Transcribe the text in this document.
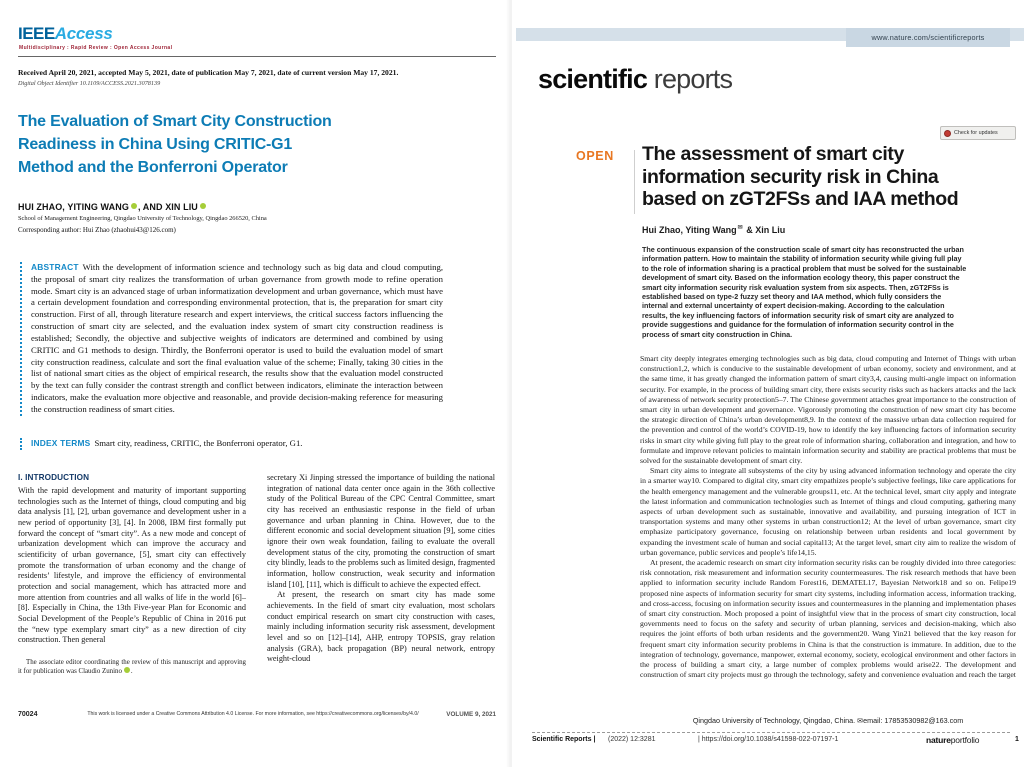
IEEEAccess
Multidisciplinary : Rapid Review : Open Access Journal
Received April 20, 2021, accepted May 5, 2021, date of publication May 7, 2021, date of current version May 17, 2021.
Digital Object Identifier 10.1109/ACCESS.2021.3078139
The Evaluation of Smart City Construction
Readiness in China Using CRITIC-G1
Method and the Bonferroni Operator
HUI ZHAO, YITING WANG , AND XIN LIU
School of Management Engineering, Qingdao University of Technology, Qingdao 266520, China
Corresponding author: Hui Zhao (zhaohui43@126.com)
ABSTRACT With the development of information science and technology such as big data and cloud computing, the proposal of smart city realizes the transformation of urban governance from growth mode to refine operation mode. Smart city is an advanced stage of urban informatization development and urban governance, which must have a certain development foundation and corresponding environmental protection, that is, the preparation for smart city construction. First of all, through literature research and expert interviews, the critical success factors influencing the construction of smart city are selected, and the evaluation index system of smart city construction readiness is established; Secondly, the objective and subjective weights of indicators are determined and combined by using CRITIC and G1 methods to design. Thirdly, the Bonferroni operator is used to build the evaluation model of smart city construction readiness, calculate and sort the final evaluation value of the scheme; Finally, taking 30 cities in the list of national smart cities as the object of empirical research, the results show that the evaluation model constructed by the text can fully consider the contrast strength and conflict between indicators, eliminate the interaction between indicators, make the evaluation more objective and reasonable, and provide decision-making reference for measuring the construction readiness of smart cities.
INDEX TERMS Smart city, readiness, CRITIC, the Bonferroni operator, G1.
I. INTRODUCTION

With the rapid development and maturity of important supporting technologies such as the Internet of things, cloud computing and big data analysis [1], [2], urban governance and development usher in a new period of opportunity [3], [4]. In 2008, IBM first formally put forward the concept of “smart city”. As a new mode and concept of urbanization development which can improve the accuracy and scientificity of urban governance, [5], smart city can effectively promote the transformation of urban economy and the change of residents’ lifestyle, and improve the efficiency of environmental protection and social management, which has attracted more and more attention from countries and all walks of life in the world [6]–[8]. Especially in China, the 13th Five-year Plan for Economic and Social Development of the People’s Republic of China in 2016 put the “new type exemplary smart city” as a new direction of city construction. Then general

The associate editor coordinating the review of this manuscript and approving it for publication was Claudio Zunino .

secretary Xi Jinping stressed the importance of building the national integration of national data center once again in the 36th collective study of the Political Bureau of the CPC Central Committee, smart city has received an enthusiastic response in the field of urban governance and urban planning in China. However, due to the different economic and social development situation [9], some cities ignore their own weak foundation, failing to evaluate the overall development status of the city, promoting the construction of smart city blindly, leads to the problems such as limited design, fragmented information, hollow construction, weak security and information island [10], [11], which is difficult to achieve the expected effect.

At present, the research on smart city has made some achievements. In the field of smart city evaluation, most scholars conduct empirical research on smart city construction with cases, mainly including information security risk assessment, development level and so on [12]–[14], AHP, entropy TOPSIS, gray relation analysis (GRA), back propagation (BP) neural network, entropy weight-cloud

70024	This work is licensed under a Creative Commons Attribution 4.0 License. For more information, see https://creativecommons.org/licenses/by/4.0/	VOLUME 9, 2021
www.nature.com/scientificreports
scientific reports
Check for updates
OPEN The assessment of smart city
information security risk in China
based on zGT2FSs and IAA method
Hui Zhao, Yiting Wang✉ & Xin Liu
The continuous expansion of the construction scale of smart city has reconstructed the urban information pattern. How to maintain the stability of information security while giving full play to the role of information sharing is a practical problem that must be solved for the sustainable development of smart city. Based on the information ecology theory, this paper construct the smart city information security risk evaluation system from six aspects. Then, zGT2FSs is established based on type-2 fuzzy set theory and IAA method, which fully considers the internal and external uncertainty of expert decision-making. According to the calculation results, the key influencing factors of information security risk of smart city are analyzed to provide suggestions and guidance for the formulation of information security control in the process of smart city construction in China.

Smart city deeply integrates emerging technologies such as big data, cloud computing and Internet of Things with urban construction1,2, which is conducive to the sustainable development of urban economy, society and environment, and at the same time, it has greatly changed the information pattern of smart city3,4, causing multi-angle impact on information security. For example, in the process of building smart city, there exists security risks such as hackers attacks and the lack of awareness of network security protection5–7. The Chinese government attaches great importance to the construction of smart city in urban development and governance. Vigorously promoting the construction of new smart city has become the strategic direction of China’s urban development8,9. In the context of the massive urban data collection required for the prevention and control of the world’s COVID-19, how to identify the key influencing factors of information security risks in smart city while giving full play to the great role of information sharing, collaboration and integration, and how to formulate and improve relevant policies to maintain information security and stability are practical problems that must be solved for the sustainable development of smart city.

Smart city aims to integrate all subsystems of the city by using advanced information technology and operate the city in a smarter way10. Compared to digital city, smart city empathizes people’s subjective feelings, like care applications for the health emergency management and the vulnerable groups11, etc. At the technical level, smart city apply and integrate the latest information and communication technologies such as Internet of things and cloud computing, gathering many aspects of urban development such as sustainable, innovative and availability, and pursuing integration of ICT in transportation systems and many other systems in urban construction12; At the level of urban governance, smart city emphasize participatory governance, focusing on relationship between urban residents and local government by expanding the investment scale of human and social capital13; At the target level, smart city aim to realize the wisdom of urban governance, public services and people’s life14,15.

At present, the academic research on smart city information security risks can be roughly divided into three categories: risk connotation, risk measurement and information security countermeasures. The risk research methods that have been applied to information security include Random Forest16, DEMATEL17, Bayesian Network18 and so on. Felipe19 proposed nine aspects of information security for smart city systems, including information access, information tracking, and cross-access, focusing on information security issues and countermeasures in the planning and implementation phases of smart city construction. Moch proposed a point of insightful view that in the process of smart city construction, local governments need to focus on the safety and security of urban planning, services and decision-making, which also requires the joint efforts of both urban residents and the government20. Wang Yin21 believed that the key reason for frequent smart city information security problems in China is that the construction is immature. In addition, due to the integration of technology, governance, manpower, external economy, society, ecological environment and other factors in the process of building a smart city, a large number of complex problems would arise22. The development and construction of smart city projects must go through the technology, safety and convenience evaluation and reach the target

Qingdao University of Technology, Qingdao, China. ✉email: 17853530982@163.com
Scientific Reports | (2022) 12:3281	| https://doi.org/10.1038/s41598-022-07197-1	natureportfolio	1
